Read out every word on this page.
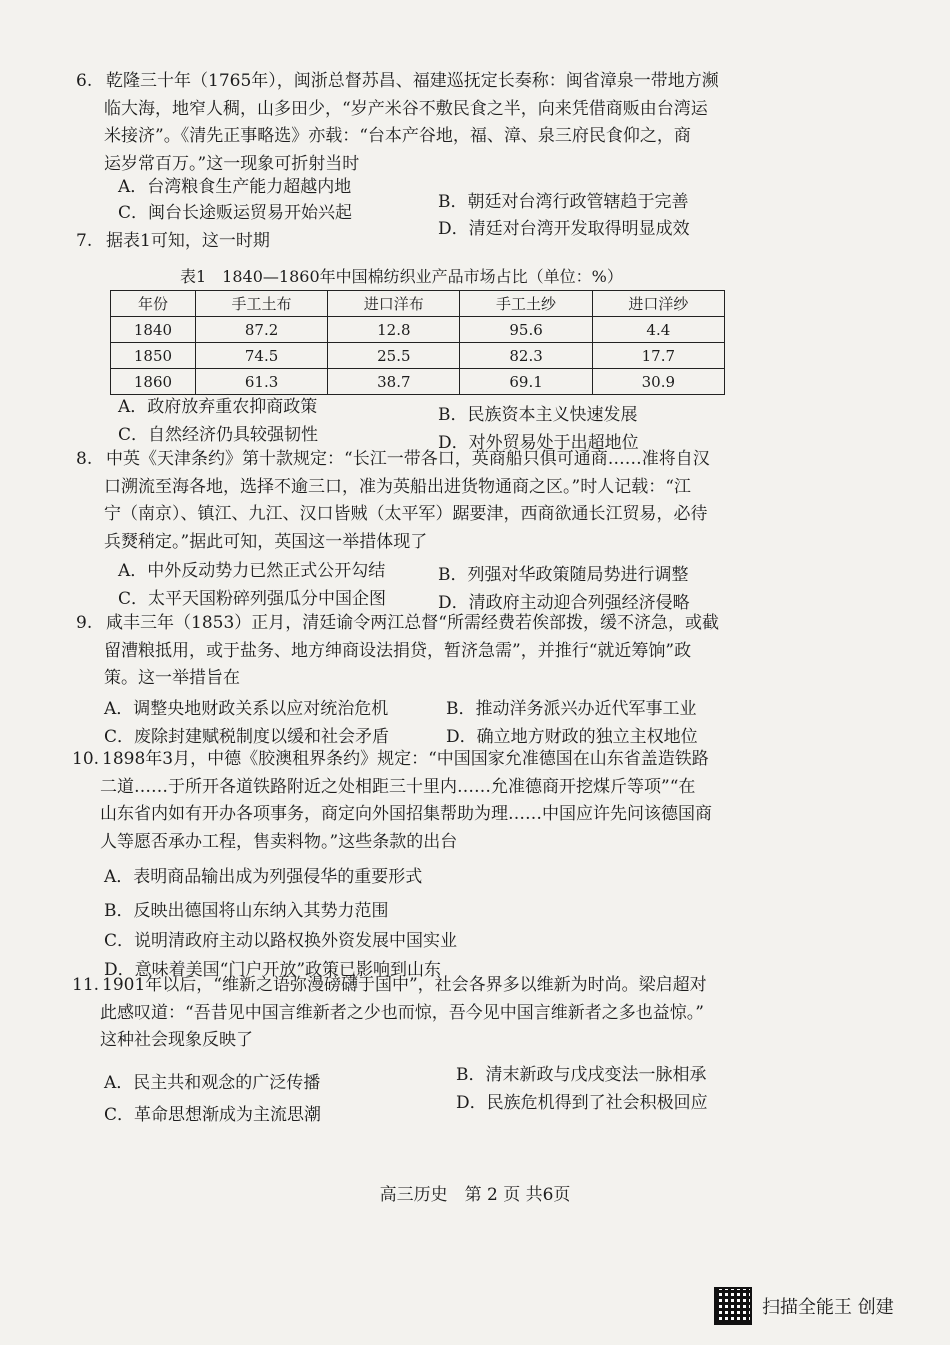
6. 乾隆三十年（1765年），闽浙总督苏昌、福建巡抚定长奏称：闽省漳泉一带地方濒
临大海，地窄人稠，山多田少，“岁产米谷不敷民食之半，向来凭借商贩由台湾运
米接济”。《清先正事略选》亦载：“台本产谷地，福、漳、泉三府民食仰之，商
运岁常百万。”这一现象可折射当时
A．台湾粮食生产能力超越内地
B．朝廷对台湾行政管辖趋于完善
C．闽台长途贩运贸易开始兴起
D．清廷对台湾开发取得明显成效
7. 据表1可知，这一时期
表1　1840—1860年中国棉纺织业产品市场占比（单位：%）
年份	手工土布	进口洋布	手工土纱	进口洋纱
1840	87.2	12.8	95.6	4.4
1850	74.5	25.5	82.3	17.7
1860	61.3	38.7	69.1	30.9
A．政府放弃重农抑商政策	B．民族资本主义快速发展
C．自然经济仍具较强韧性	D．对外贸易处于出超地位
8. 中英《天津条约》第十款规定：“长江一带各口，英商船只俱可通商……准将自汉
口溯流至海各地，选择不逾三口，准为英船出进货物通商之区。”时人记载：“江
宁（南京）、镇江、九江、汉口皆贼（太平军）踞要津，西商欲通长江贸易，必待
兵燹稍定。”据此可知，英国这一举措体现了
A．中外反动势力已然正式公开勾结	B．列强对华政策随局势进行调整
C．太平天国粉碎列强瓜分中国企图	D．清政府主动迎合列强经济侵略
9. 咸丰三年（1853）正月，清廷谕令两江总督“所需经费若俟部拨，缓不济急，或截
留漕粮抵用，或于盐务、地方绅商设法捐贷，暂济急需”，并推行“就近筹饷”政
策。这一举措旨在
A．调整央地财政关系以应对统治危机	B．推动洋务派兴办近代军事工业
C．废除封建赋税制度以缓和社会矛盾	D．确立地方财政的独立主权地位
10. 1898年3月，中德《胶澳租界条约》规定：“中国国家允准德国在山东省盖造铁路
二道……于所开各道铁路附近之处相距三十里内……允准德商开挖煤斤等项”“在
山东省内如有开办各项事务，商定向外国招集帮助为理……中国应许先问该德国商
人等愿否承办工程，售卖料物。”这些条款的出台
A．表明商品输出成为列强侵华的重要形式
B．反映出德国将山东纳入其势力范围
C．说明清政府主动以路权换外资发展中国实业
D．意味着美国“门户开放”政策已影响到山东
11. 1901年以后，“维新之语弥漫磅礴于国中”，社会各界多以维新为时尚。梁启超对
此感叹道：“吾昔见中国言维新者之少也而惊，吾今见中国言维新者之多也益惊。”
这种社会现象反映了
A．民主共和观念的广泛传播	B．清末新政与戊戌变法一脉相承
C．革命思想渐成为主流思潮
D．民族危机得到了社会积极回应
高三历史　第 2 页 共6页
扫描全能王 创建
